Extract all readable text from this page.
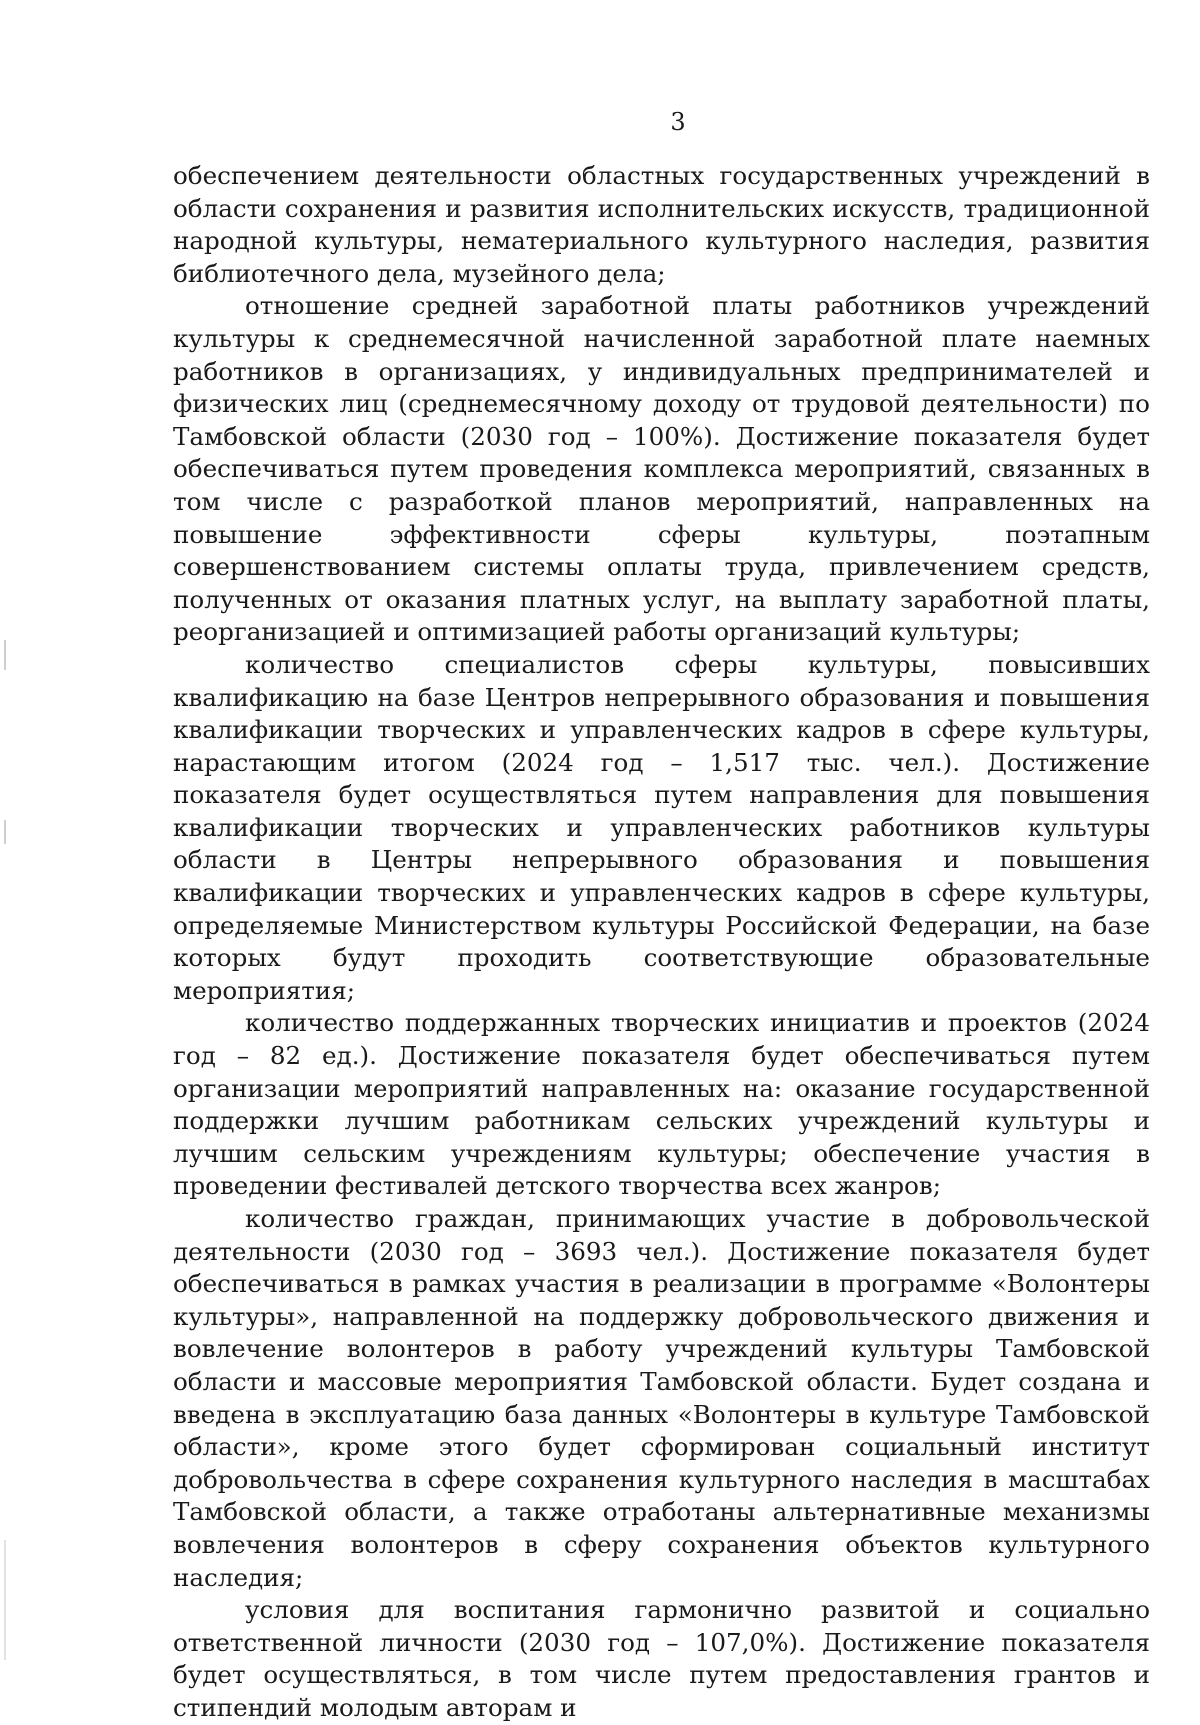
3

обеспечением деятельности областных государственных учреждений в области сохранения и развития исполнительских искусств, традиционной народной культуры, нематериального культурного наследия, развития библиотечного дела, музейного дела;

отношение средней заработной платы работников учреждений культуры к среднемесячной начисленной заработной плате наемных работников в организациях, у индивидуальных предпринимателей и физических лиц (среднемесячному доходу от трудовой деятельности) по Тамбовской области (2030 год – 100%). Достижение показателя будет обеспечиваться путем проведения комплекса мероприятий, связанных в том числе с разработкой планов мероприятий, направленных на повышение эффективности сферы культуры, поэтапным совершенствованием системы оплаты труда, привлечением средств, полученных от оказания платных услуг, на выплату заработной платы, реорганизацией и оптимизацией работы организаций культуры;

количество специалистов сферы культуры, повысивших квалификацию на базе Центров непрерывного образования и повышения квалификации творческих и управленческих кадров в сфере культуры, нарастающим итогом (2024 год – 1,517 тыс. чел.). Достижение показателя будет осуществляться путем направления для повышения квалификации творческих и управленческих работников культуры области в Центры непрерывного образования и повышения квалификации творческих и управленческих кадров в сфере культуры, определяемые Министерством культуры Российской Федерации, на базе которых будут проходить соответствующие образовательные мероприятия;

количество поддержанных творческих инициатив и проектов (2024 год – 82 ед.). Достижение показателя будет обеспечиваться путем организации мероприятий направленных на: оказание государственной поддержки лучшим работникам сельских учреждений культуры и лучшим сельским учреждениям культуры; обеспечение участия в проведении фестивалей детского творчества всех жанров;

количество граждан, принимающих участие в добровольческой деятельности (2030 год – 3693 чел.). Достижение показателя будет обеспечиваться в рамках участия в реализации в программе «Волонтеры культуры», направленной на поддержку добровольческого движения и вовлечение волонтеров в работу учреждений культуры Тамбовской области и массовые мероприятия Тамбовской области. Будет создана и введена в эксплуатацию база данных «Волонтеры в культуре Тамбовской области», кроме этого будет сформирован социальный институт добровольчества в сфере сохранения культурного наследия в масштабах Тамбовской области, а также отработаны альтернативные механизмы вовлечения волонтеров в сферу сохранения объектов культурного наследия;

условия для воспитания гармонично развитой и социально ответственной личности (2030 год – 107,0%). Достижение показателя будет осуществляться, в том числе путем предоставления грантов и стипендий молодым авторам и
